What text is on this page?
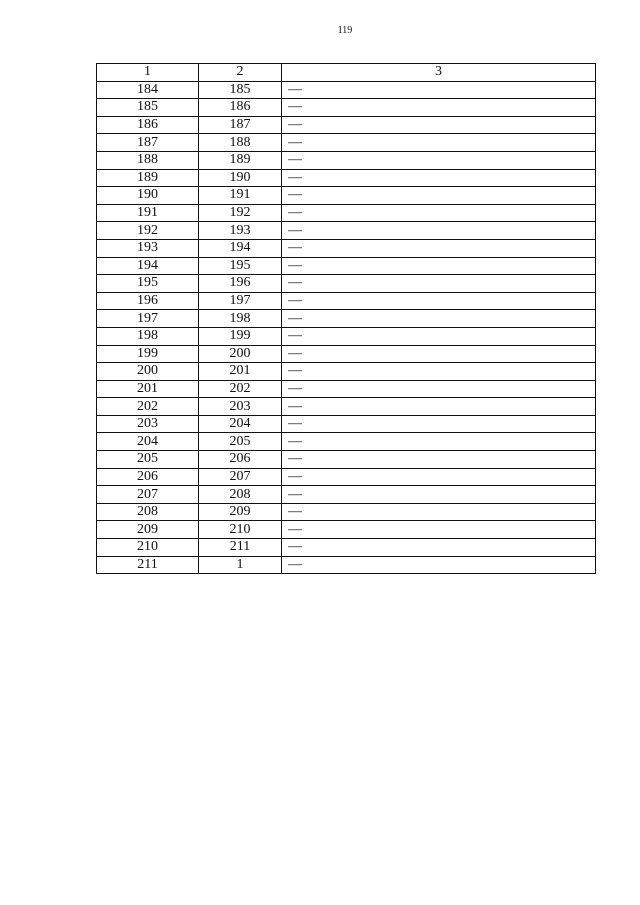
119
1	2	3
184	185	—
185	186	—
186	187	—
187	188	—
188	189	—
189	190	—
190	191	—
191	192	—
192	193	—
193	194	—
194	195	—
195	196	—
196	197	—
197	198	—
198	199	—
199	200	—
200	201	—
201	202	—
202	203	—
203	204	—
204	205	—
205	206	—
206	207	—
207	208	—
208	209	—
209	210	—
210	211	—
211	1	—
